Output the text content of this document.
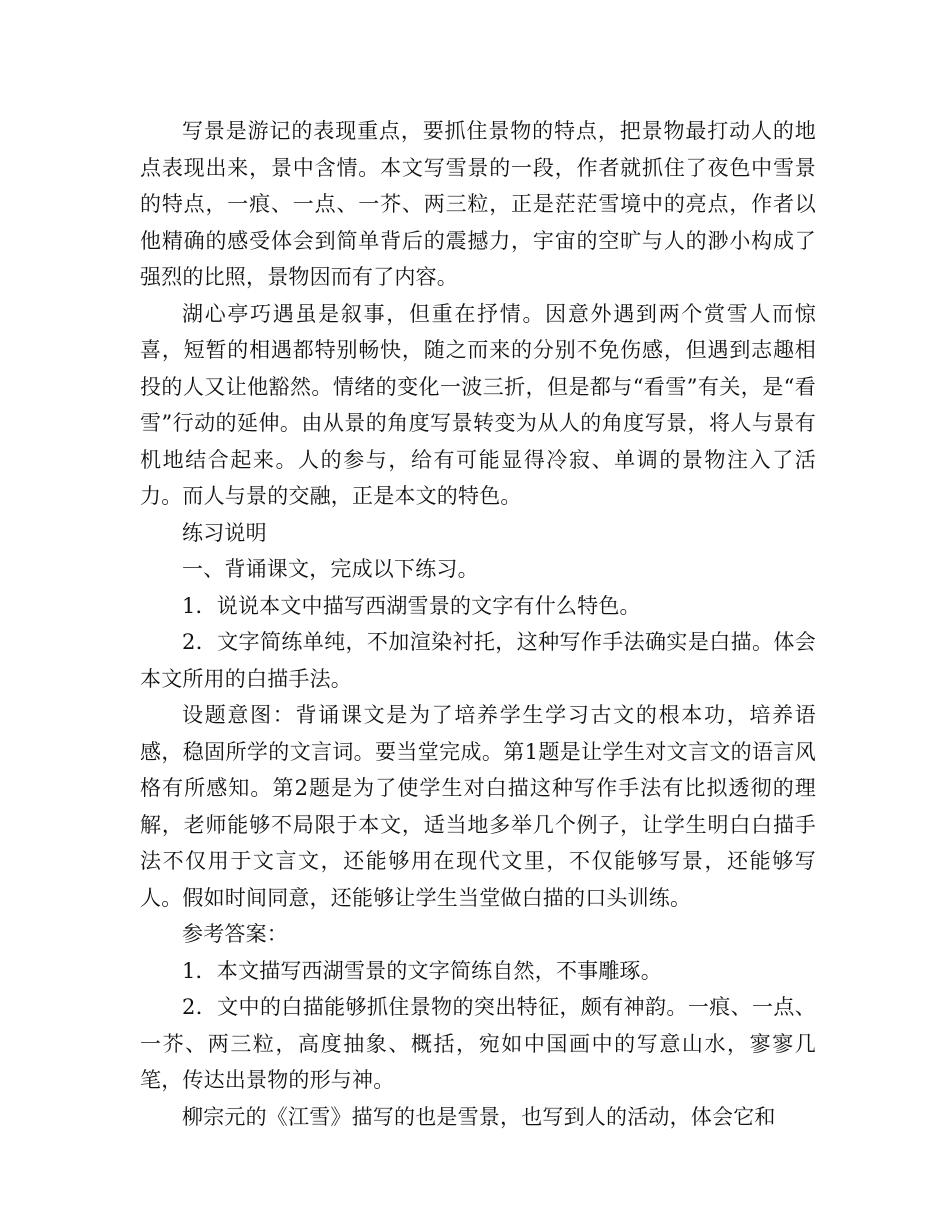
写景是游记的表现重点，要抓住景物的特点，把景物最打动人的地点表现出来，景中含情。本文写雪景的一段，作者就抓住了夜色中雪景的特点，一痕、一点、一芥、两三粒，正是茫茫雪境中的亮点，作者以他精确的感受体会到简单背后的震撼力，宇宙的空旷与人的渺小构成了强烈的比照，景物因而有了内容。

湖心亭巧遇虽是叙事，但重在抒情。因意外遇到两个赏雪人而惊喜，短暂的相遇都特别畅快，随之而来的分别不免伤感，但遇到志趣相投的人又让他豁然。情绪的变化一波三折，但是都与“看雪”有关，是“看雪”行动的延伸。由从景的角度写景转变为从人的角度写景，将人与景有机地结合起来。人的参与，给有可能显得冷寂、单调的景物注入了活力。而人与景的交融，正是本文的特色。

练习说明

一、背诵课文，完成以下练习。

1．说说本文中描写西湖雪景的文字有什么特色。

2．文字简练单纯，不加渲染衬托，这种写作手法确实是白描。体会本文所用的白描手法。

设题意图：背诵课文是为了培养学生学习古文的根本功，培养语感，稳固所学的文言词。要当堂完成。第1题是让学生对文言文的语言风格有所感知。第2题是为了使学生对白描这种写作手法有比拟透彻的理解，老师能够不局限于本文，适当地多举几个例子，让学生明白白描手法不仅用于文言文，还能够用在现代文里，不仅能够写景，还能够写人。假如时间同意，还能够让学生当堂做白描的口头训练。

参考答案：

1．本文描写西湖雪景的文字简练自然，不事雕琢。

2．文中的白描能够抓住景物的突出特征，颇有神韵。一痕、一点、一芥、两三粒，高度抽象、概括，宛如中国画中的写意山水，寥寥几笔，传达出景物的形与神。

柳宗元的《江雪》描写的也是雪景，也写到人的活动，体会它和
